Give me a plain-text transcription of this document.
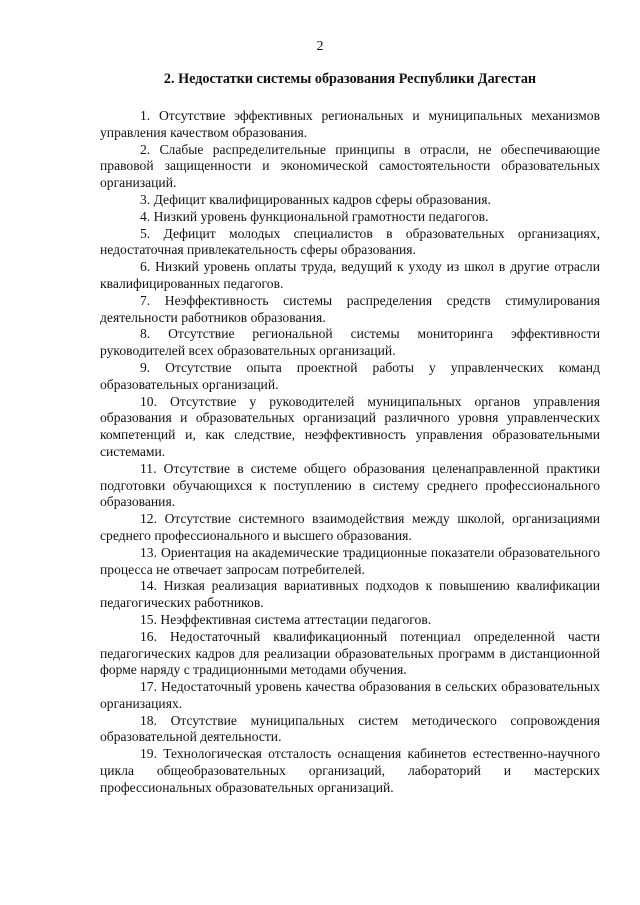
2
2. Недостатки системы образования Республики Дагестан
1. Отсутствие эффективных региональных и муниципальных механизмов управления качеством образования.
2. Слабые распределительные принципы в отрасли, не обеспечивающие правовой защищенности и экономической самостоятельности образовательных организаций.
3. Дефицит квалифицированных кадров сферы образования.
4. Низкий уровень функциональной грамотности педагогов.
5. Дефицит молодых специалистов в образовательных организациях, недостаточная привлекательность сферы образования.
6. Низкий уровень оплаты труда, ведущий к уходу из школ в другие отрасли квалифицированных педагогов.
7. Неэффективность системы распределения средств стимулирования деятельности работников образования.
8. Отсутствие региональной системы мониторинга эффективности руководителей всех образовательных организаций.
9. Отсутствие опыта проектной работы у управленческих команд образовательных организаций.
10. Отсутствие у руководителей муниципальных органов управления образования и образовательных организаций различного уровня управленческих компетенций и, как следствие, неэффективность управления образовательными системами.
11. Отсутствие в системе общего образования целенаправленной практики подготовки обучающихся к поступлению в систему среднего профессионального образования.
12. Отсутствие системного взаимодействия между школой, организациями среднего профессионального и высшего образования.
13. Ориентация на академические традиционные показатели образовательного процесса не отвечает запросам потребителей.
14. Низкая реализация вариативных подходов к повышению квалификации педагогических работников.
15. Неэффективная система аттестации педагогов.
16. Недостаточный квалификационный потенциал определенной части педагогических кадров для реализации образовательных программ в дистанционной форме наряду с традиционными методами обучения.
17. Недостаточный уровень качества образования в сельских образовательных организациях.
18. Отсутствие муниципальных систем методического сопровождения образовательной деятельности.
19. Технологическая отсталость оснащения кабинетов естественно-научного цикла общеобразовательных организаций, лабораторий и мастерских профессиональных образовательных организаций.
